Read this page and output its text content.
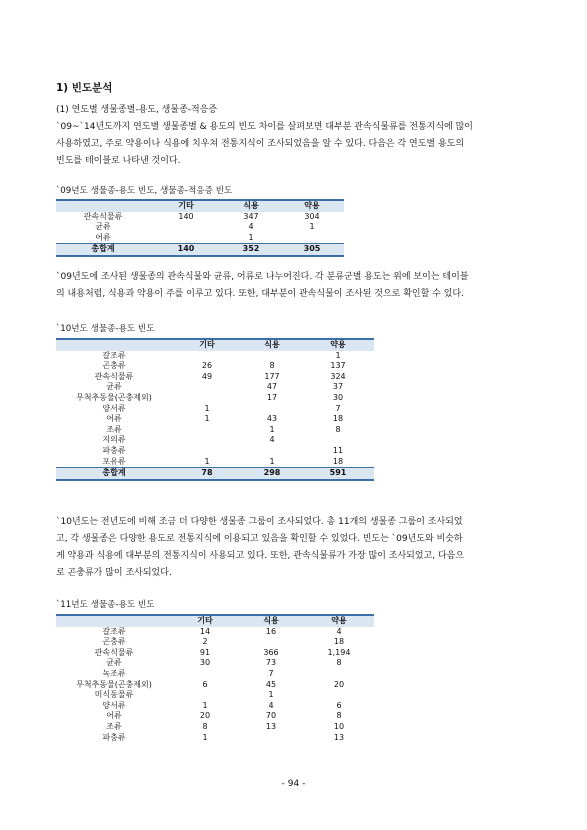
1) 빈도분석
(1) 연도별 생물종별-용도, 생물종-적응증
`09~`14년도까지 연도별 생물종별 & 용도의 빈도 차이를 살펴보면 대부분 관속식물류를 전통지식에 많이
사용하였고, 주로 약용이나 식용에 치우쳐 전통지식이 조사되었음을 알 수 있다. 다음은 각 연도별 용도의
빈도를 테이블로 나타낸 것이다.
`09년도 생물종-용도 빈도, 생물종-적응증 빈도
	기타	식용	약용
관속식물류	140	347	304
균류		4	1
어류		1	
총합계	140	352	305
`09년도에 조사된 생물종의 관속식물와 균류, 어류로 나누어진다. 각 분류군별 용도는 위에 보이는 테이블
의 내용처럼, 식용과 약용이 주를 이루고 있다. 또한, 대부분이 관속식물이 조사된 것으로 확인할 수 있다.
`10년도 생물종-용도 빈도
	기타	식용	약용
갈조류			1
곤충류	26	8	137
관속식물류	49	177	324
균류		47	37
무척추동물(곤충제외)		17	30
양서류	1		7
어류	1	43	18
조류		1	8
지의류		4	
파충류			11
포유류	1	1	18
총합계	78	298	591
`10년도는 전년도에 비해 조금 더 다양한 생물종 그룹이 조사되었다. 총 11개의 생물종 그룹이 조사되었
고, 각 생물종은 다양한 용도로 전통지식에 이용되고 있음을 확인할 수 있었다. 빈도는 `09년도와 비슷하
게 약용과 식용에 대부분의 전통지식이 사용되고 있다. 또한, 관속식물류가 가장 많이 조사되었고, 다음으
로 곤충류가 많이 조사되었다.
`11년도 생물종-용도 빈도
	기타	식용	약용
갈조류	14	16	4
곤충류	2		18
관속식물류	91	366	1,194
균류	30	73	8
녹조류		7	
무척추동물(곤충제외)	6	45	20
미식동물류		1	
양서류	1	4	6
어류	20	70	8
조류	8	13	10
파충류	1		13
- 94 -
